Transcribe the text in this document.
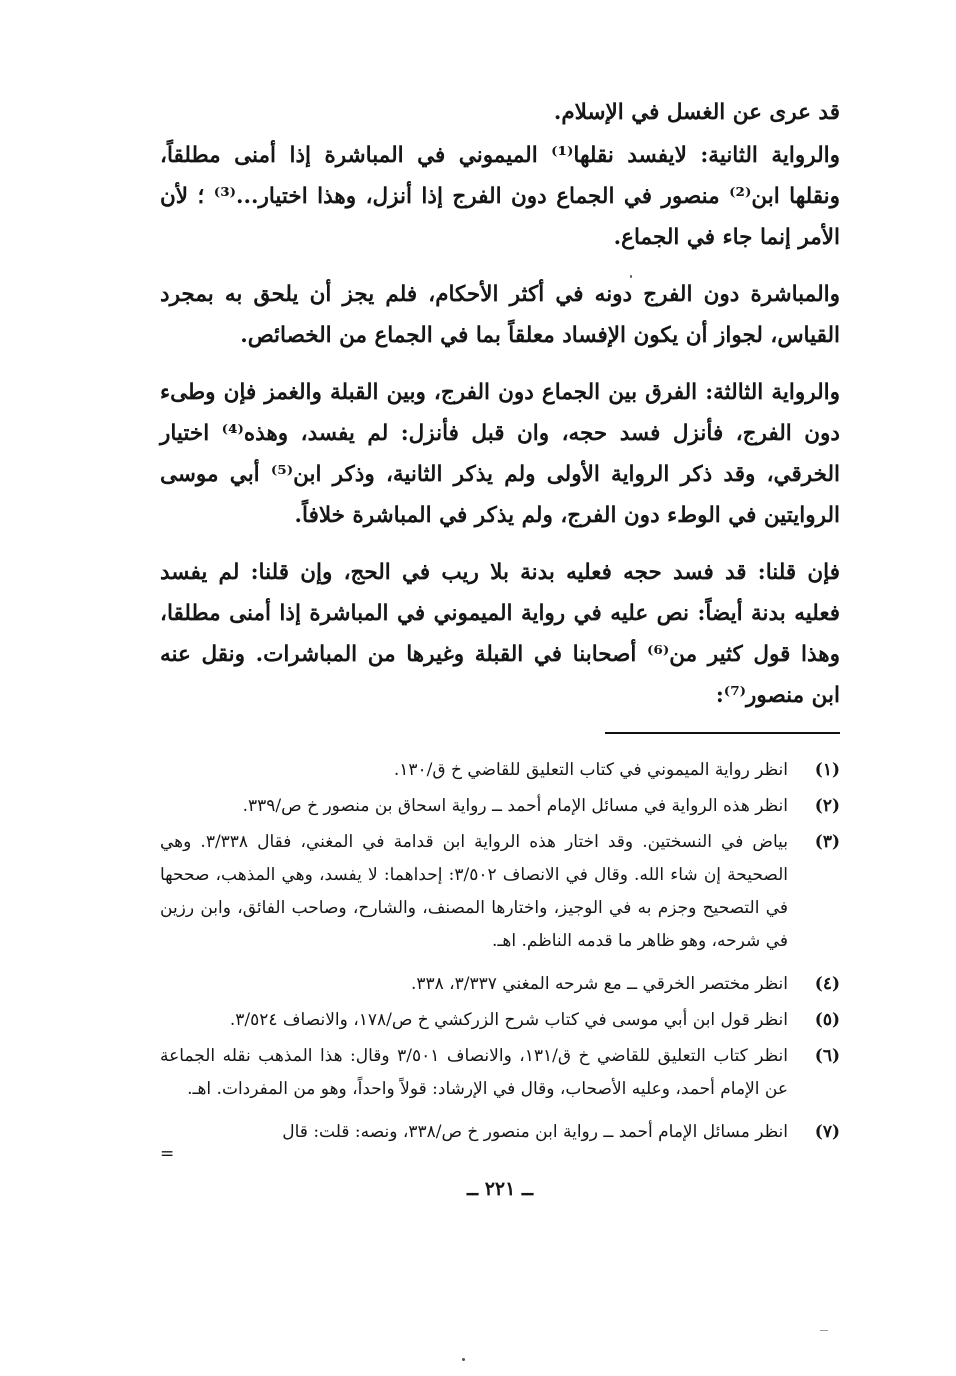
قد عرى عن الغسل في الإسلام.

والرواية الثانية: لايفسد نقلها⁽¹⁾ الميموني في المباشرة إذا أمنى مطلقاً، ونقلها ابن⁽²⁾ منصور في الجماع دون الفرج إذا أنزل، وهذا اختيار...⁽³⁾ ؛ لأن الأمر إنما جاء في الجماع.

والمباشرة دون الفرج دونه في أكثر الأحكام، فلم يجز أن يلحق به بمجرد القياس، لجواز أن يكون الإفساد معلقاً بما في الجماع من الخصائص.

والرواية الثالثة: الفرق بين الجماع دون الفرج، وبين القبلة والغمز فإن وطىء دون الفرج، فأنزل فسد حجه، وان قبل فأنزل: لم يفسد، وهذه⁽⁴⁾ اختيار الخرقي، وقد ذكر الرواية الأولى ولم يذكر الثانية، وذكر ابن⁽⁵⁾ أبي موسى الروايتين في الوطء دون الفرج، ولم يذكر في المباشرة خلافاً.

فإن قلنا: قد فسد حجه فعليه بدنة بلا ريب في الحج، وإن قلنا: لم يفسد فعليه بدنة أيضاً: نص عليه في رواية الميموني في المباشرة إذا أمنى مطلقا، وهذا قول كثير من⁽⁶⁾ أصحابنا في القبلة وغيرها من المباشرات. ونقل عنه ابن منصور⁽⁷⁾:

(١)
انظر رواية الميموني في كتاب التعليق للقاضي خ ق/١٣٠.
(٢)
انظر هذه الرواية في مسائل الإمام أحمد ــ رواية اسحاق بن منصور خ ص/٣٣٩.
(٣)
بياض في النسختين. وقد اختار هذه الرواية ابن قدامة في المغني، فقال ٣/٣٣٨. وهي الصحيحة إن شاء الله. وقال في الانصاف ٣/٥٠٢: إحداهما: لا يفسد، وهي المذهب، صححها في التصحيح وجزم به في الوجيز، واختارها المصنف، والشارح، وصاحب الفائق، وابن رزين في شرحه، وهو ظاهر ما قدمه الناظم. اهـ.
(٤)
انظر مختصر الخرقي ــ مع شرحه المغني ٣/٣٣٧، ٣٣٨.
(٥)
انظر قول ابن أبي موسى في كتاب شرح الزركشي خ ص/١٧٨، والانصاف ٣/٥٢٤.
(٦)
انظر كتاب التعليق للقاضي خ ق/١٣١، والانصاف ٣/٥٠١ وقال: هذا المذهب نقله الجماعة عن الإمام أحمد، وعليه الأصحاب، وقال في الإرشاد: قولاً واحداً، وهو من المفردات. اهـ.
(٧)
انظر مسائل الإمام أحمد ــ رواية ابن منصور خ ص/٣٣٨، ونصه: قلت: قال
=
ــ ٢٢١ ــ
